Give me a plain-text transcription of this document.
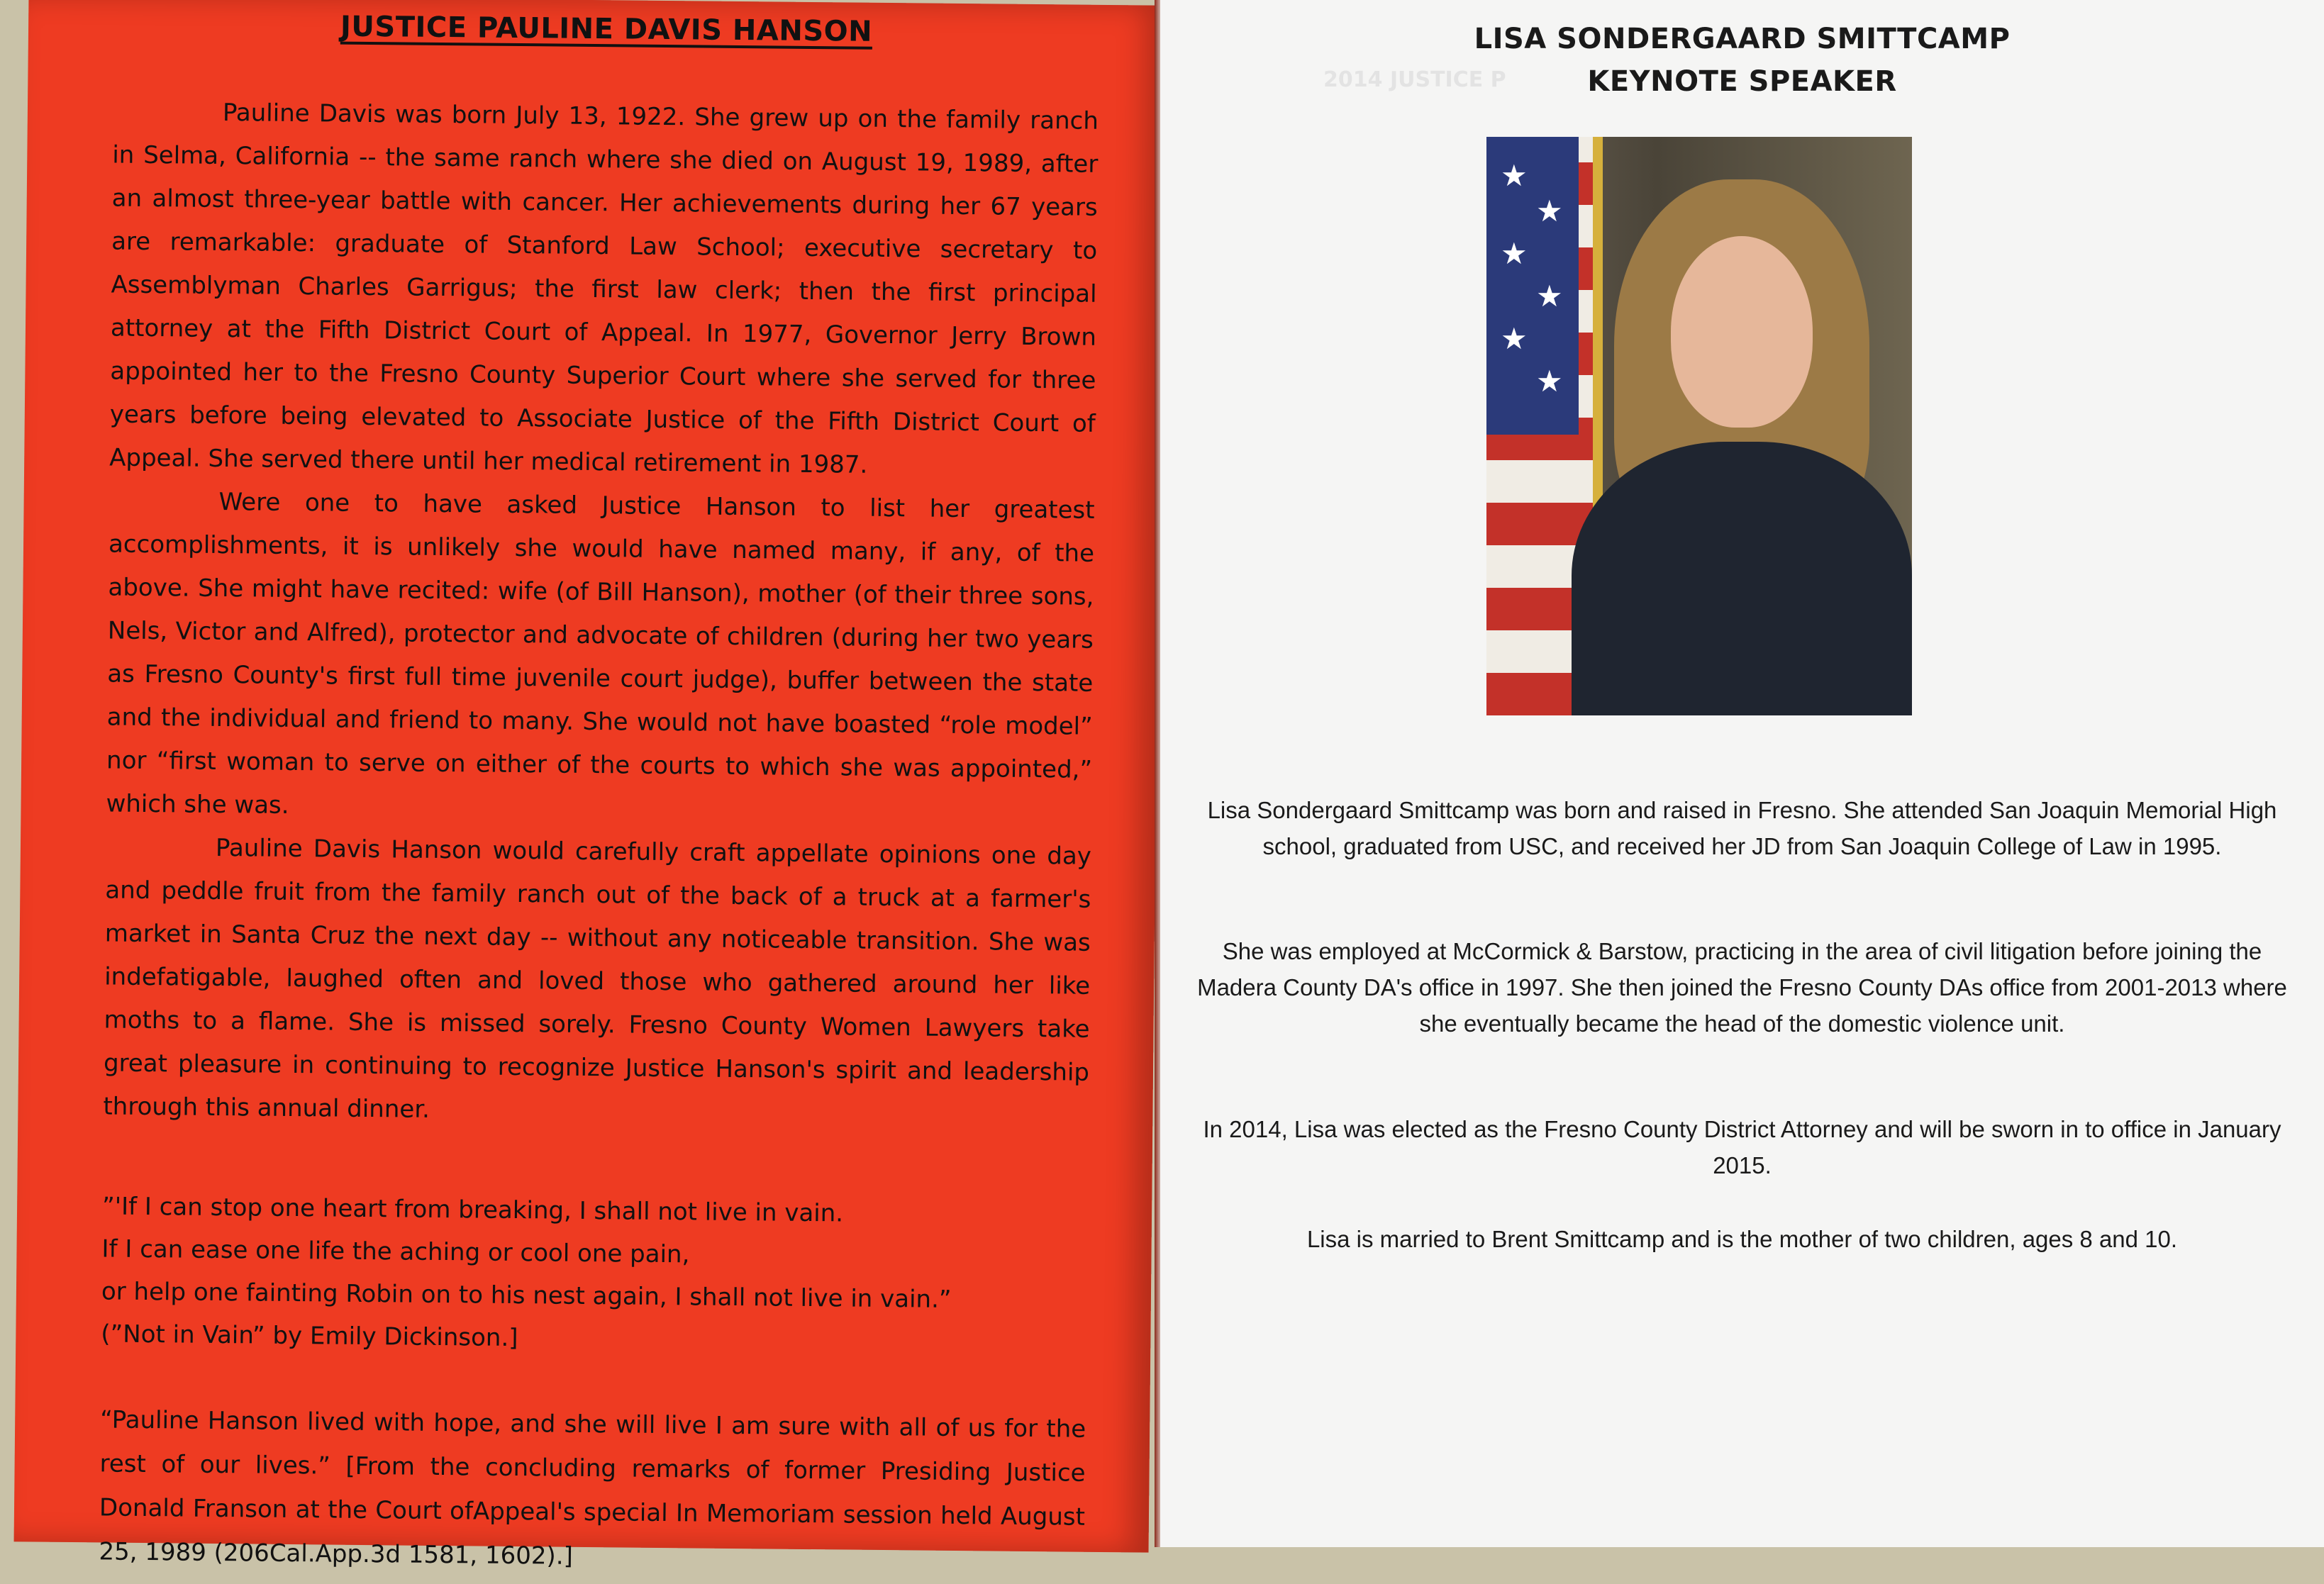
JUSTICE PAULINE DAVIS HANSON

Pauline Davis was born July 13, 1922. She grew up on the family ranch in Selma, California -- the same ranch where she died on August 19, 1989, after an almost three-year battle with cancer. Her achievements during her 67 years are remarkable: graduate of Stanford Law School; executive secretary to Assemblyman Charles Garrigus; the first law clerk; then the first principal attorney at the Fifth District Court of Appeal. In 1977, Governor Jerry Brown appointed her to the Fresno County Superior Court where she served for three years before being elevated to Associate Justice of the Fifth District Court of Appeal. She served there until her medical retirement in 1987.

Were one to have asked Justice Hanson to list her greatest accomplishments, it is unlikely she would have named many, if any, of the above. She might have recited: wife (of Bill Hanson), mother (of their three sons, Nels, Victor and Alfred), protector and advocate of children (during her two years as Fresno County's first full time juvenile court judge), buffer between the state and the individual and friend to many. She would not have boasted “role model” nor “first woman to serve on either of the courts to which she was appointed,” which she was.

Pauline Davis Hanson would carefully craft appellate opinions one day and peddle fruit from the family ranch out of the back of a truck at a farmer's market in Santa Cruz the next day -- without any noticeable transition. She was indefatigable, laughed often and loved those who gathered around her like moths to a flame. She is missed sorely. Fresno County Women Lawyers take great pleasure in continuing to recognize Justice Hanson's spirit and leadership through this annual dinner.

”'If I can stop one heart from breaking, I shall not live in vain.
If I can ease one life the aching or cool one pain,
or help one fainting Robin on to his nest again, I shall not live in vain.”
(”Not in Vain” by Emily Dickinson.]
“Pauline Hanson lived with hope, and she will live I am sure with all of us for the rest of our lives.” [From the concluding remarks of former Presiding Justice Donald Franson at the Court ofAppeal's special In Memoriam session held August 25, 1989 (206Cal.App.3d 1581, 1602).]
2014 JUSTICE P
LISA SONDERGAARD SMITTCAMP
KEYNOTE SPEAKER
★
★
★
★
★
★

Lisa Sondergaard Smittcamp was born and raised in Fresno. She attended San Joaquin Memorial High school, graduated from USC, and received her JD from San Joaquin College of Law in 1995.

She was employed at McCormick & Barstow, practicing in the area of civil litigation before joining the Madera County DA's office in 1997. She then joined the Fresno County DAs office from 2001-2013 where she eventually became the head of the domestic violence unit.

In 2014, Lisa was elected as the Fresno County District Attorney and will be sworn in to office in January 2015.

Lisa is married to Brent Smittcamp and is the mother of two children, ages 8 and 10.
